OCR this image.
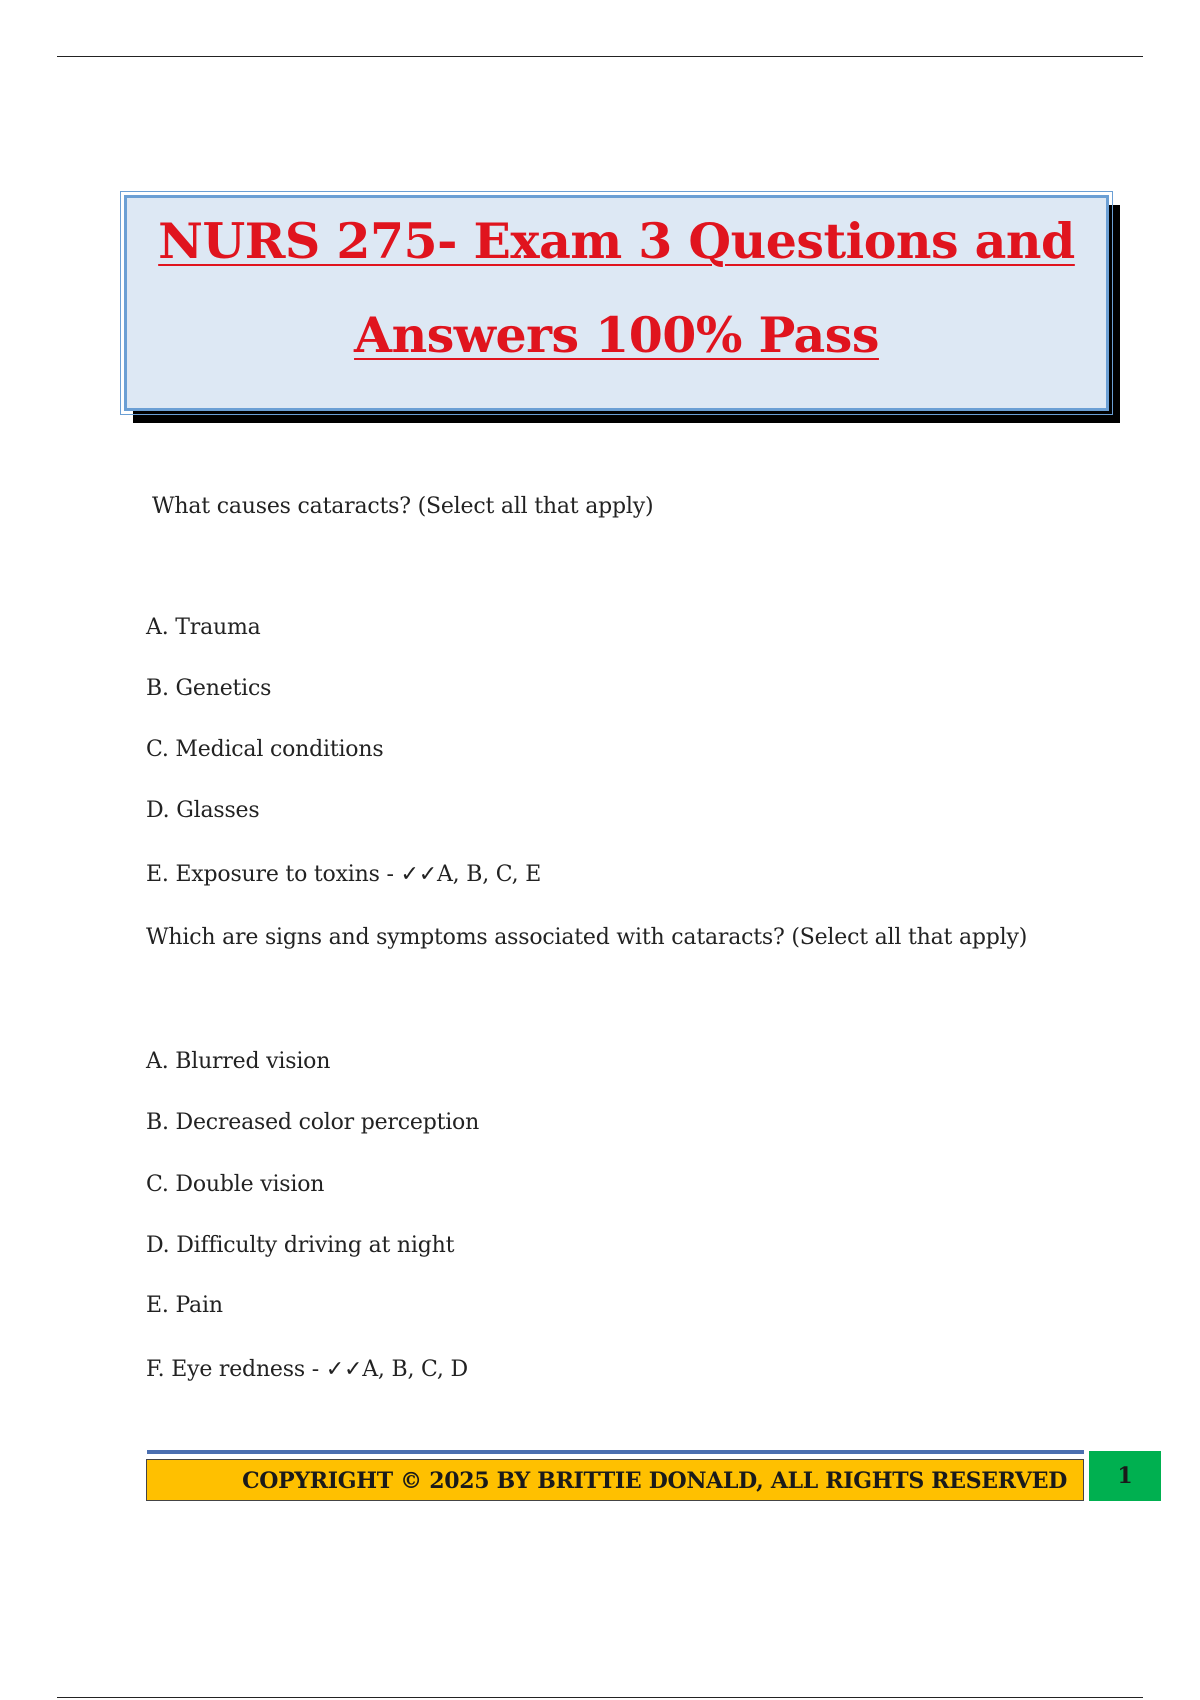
NURS 275- Exam 3 Questions and
Answers 100% Pass
What causes cataracts? (Select all that apply)
A. Trauma
B. Genetics
C. Medical conditions
D. Glasses
E. Exposure to toxins - ✓✓A, B, C, E
Which are signs and symptoms associated with cataracts? (Select all that apply)
A. Blurred vision
B. Decreased color perception
C. Double vision
D. Difficulty driving at night
E. Pain
F. Eye redness - ✓✓A, B, C, D
COPYRIGHT © 2025 BY BRITTIE DONALD, ALL RIGHTS RESERVED	1
